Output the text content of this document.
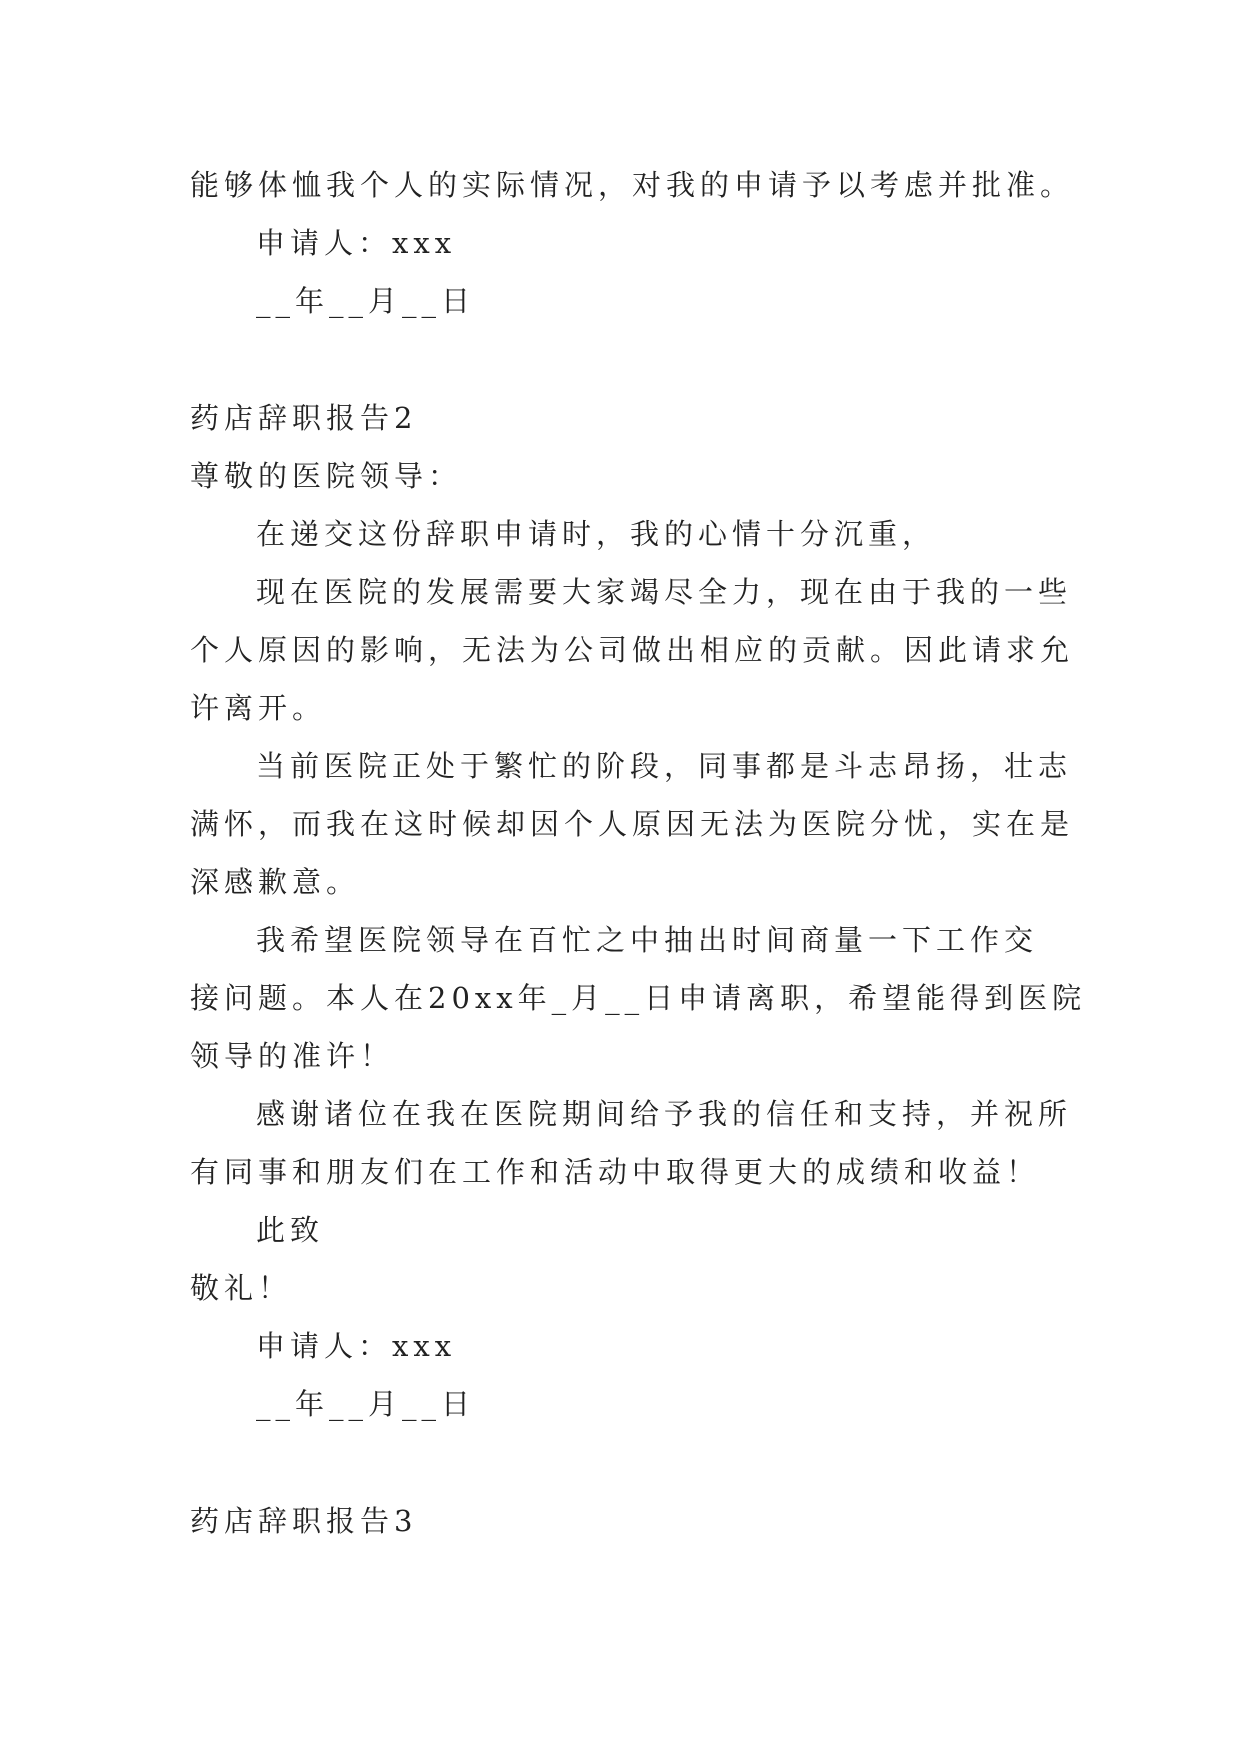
能够体恤我个人的实际情况，对我的申请予以考虑并批准。
申请人：xxx
__年__月__日
药店辞职报告2
尊敬的医院领导：
在递交这份辞职申请时，我的心情十分沉重，
现在医院的发展需要大家竭尽全力，现在由于我的一些
个人原因的影响，无法为公司做出相应的贡献。因此请求允
许离开。
当前医院正处于繁忙的阶段，同事都是斗志昂扬，壮志
满怀，而我在这时候却因个人原因无法为医院分忧，实在是
深感歉意。
我希望医院领导在百忙之中抽出时间商量一下工作交
接问题。本人在20xx年_月__日申请离职，希望能得到医院
领导的准许！
感谢诸位在我在医院期间给予我的信任和支持，并祝所
有同事和朋友们在工作和活动中取得更大的成绩和收益！
此致
敬礼！
申请人：xxx
__年__月__日
药店辞职报告3
